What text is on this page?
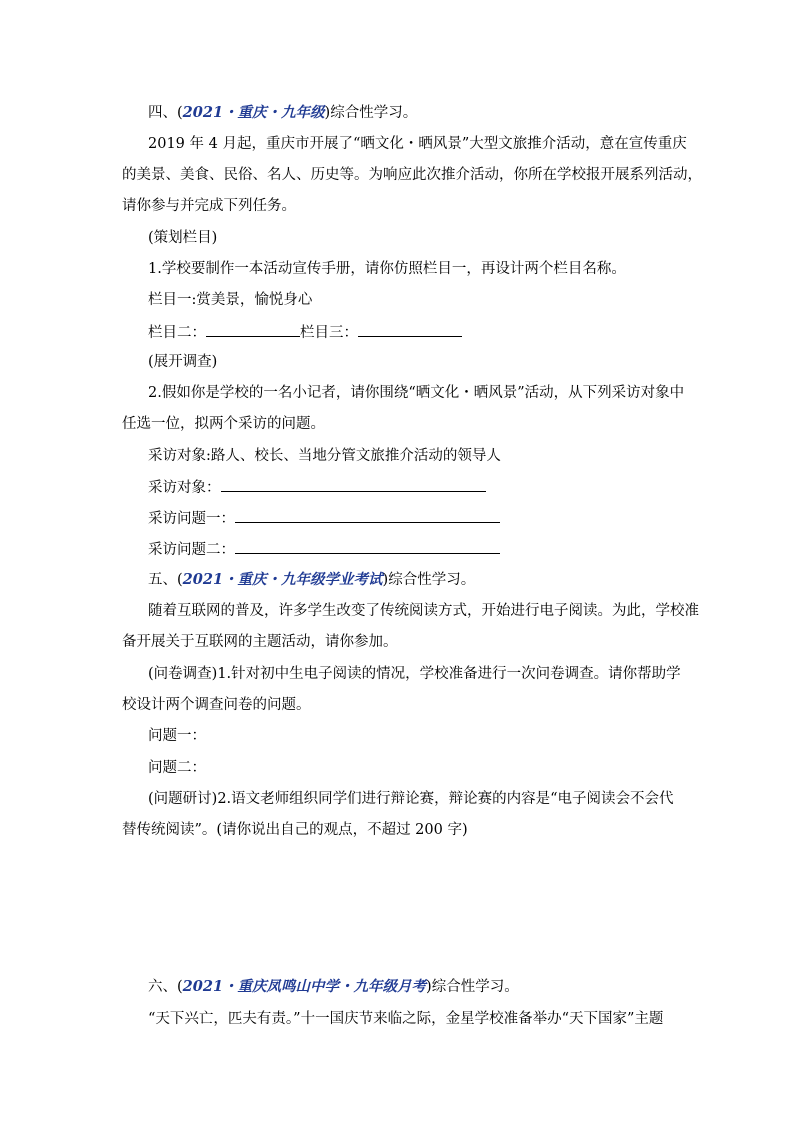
四、(2021・重庆・九年级)综合性学习。
2019 年 4 月起，重庆市开展了“晒文化・晒风景”大型文旅推介活动，意在宣传重庆
的美景、美食、民俗、名人、历史等。为响应此次推介活动，你所在学校报开展系列活动，
请你参与并完成下列任务。
(策划栏目)
1.学校要制作一本活动宣传手册，请你仿照栏目一，再设计两个栏目名称。
栏目一:赏美景，愉悦身心
栏目二：	栏目三：
(展开调查)
2.假如你是学校的一名小记者，请你围绕“晒文化・晒风景”活动，从下列采访对象中
任选一位，拟两个采访的问题。
采访对象:路人、校长、当地分管文旅推介活动的领导人
采访对象：
采访问题一：
采访问题二：
五、(2021・重庆・九年级学业考试)综合性学习。
随着互联网的普及，许多学生改变了传统阅读方式，开始进行电子阅读。为此，学校准
备开展关于互联网的主题活动，请你参加。
(问卷调查)1.针对初中生电子阅读的情况，学校准备进行一次问卷调查。请你帮助学
校设计两个调查问卷的问题。
问题一：
问题二：
(问题研讨)2.语文老师组织同学们进行辩论赛，辩论赛的内容是“电子阅读会不会代
替传统阅读”。(请你说出自己的观点，不超过 200 字)
六、(2021・重庆凤鸣山中学・九年级月考)综合性学习。
“天下兴亡，匹夫有责。”十一国庆节来临之际，金星学校准备举办“天下国家”主题
